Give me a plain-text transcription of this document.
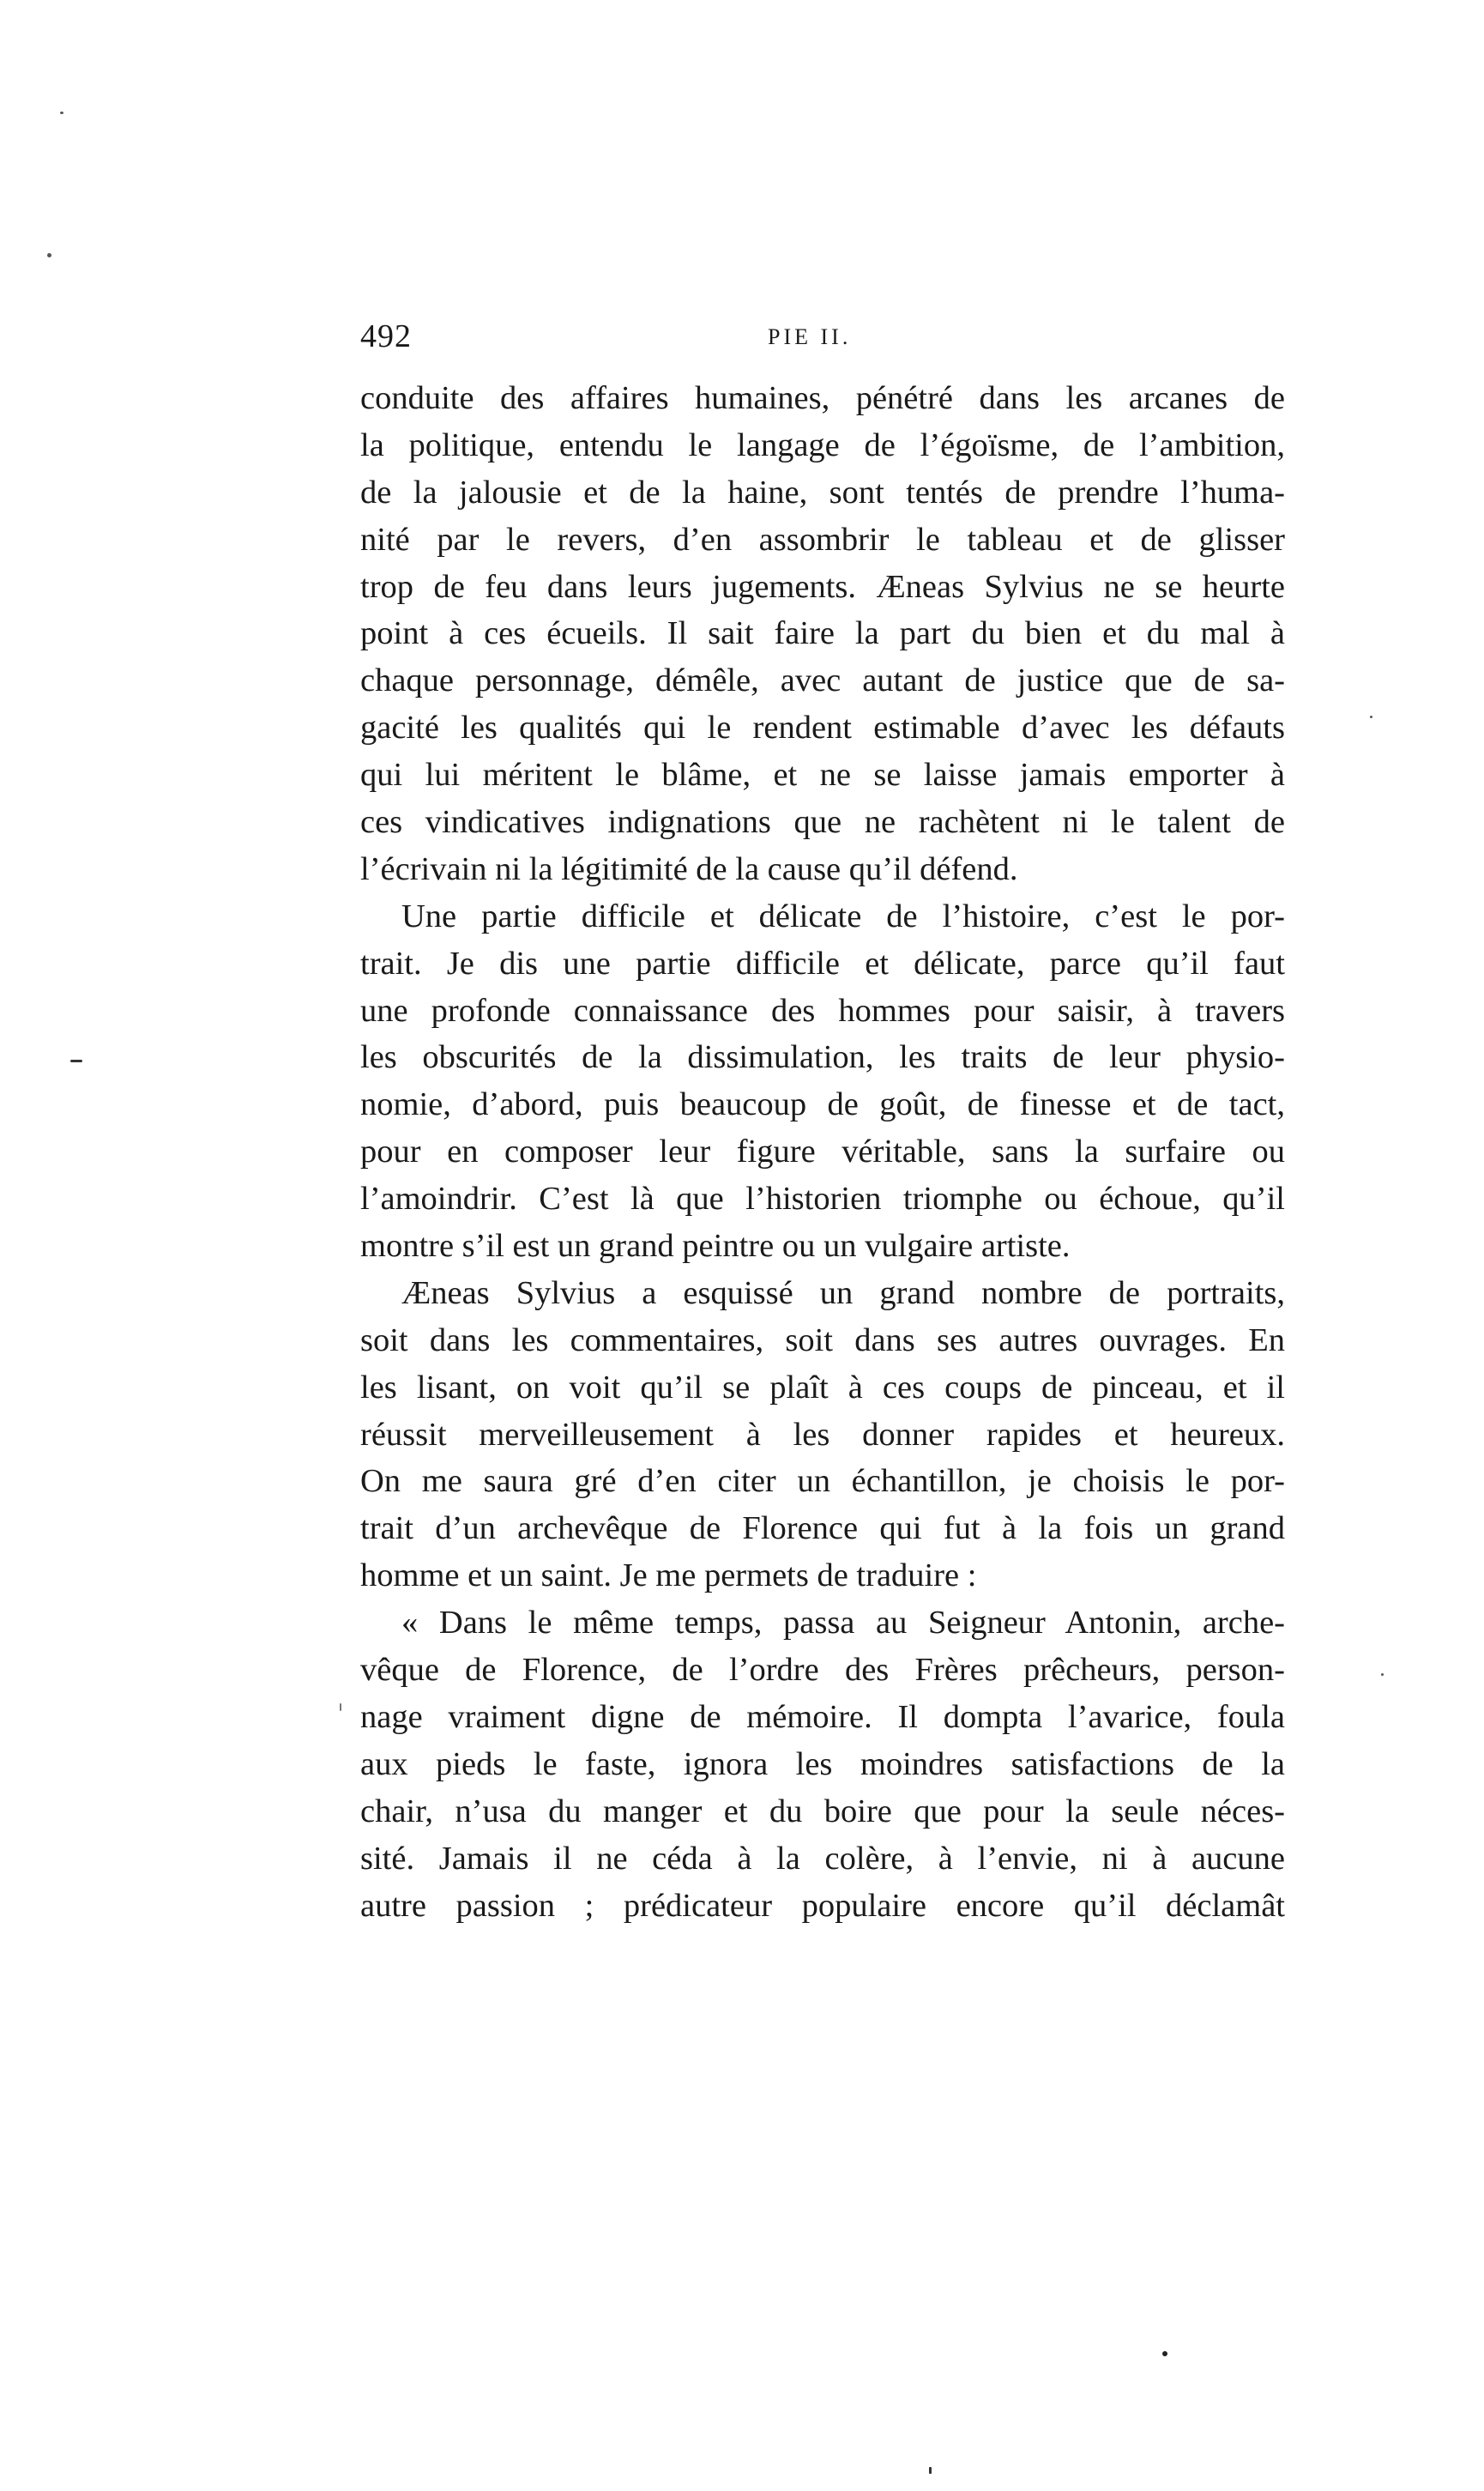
492	PIE II.
conduite des affaires humaines, pénétré dans les arcanes de
la politique, entendu le langage de l’égoïsme, de l’ambition,
de la jalousie et de la haine, sont tentés de prendre l’huma-
nité par le revers, d’en assombrir le tableau et de glisser
trop de feu dans leurs jugements. Æneas Sylvius ne se heurte
point à ces écueils. Il sait faire la part du bien et du mal à
chaque personnage, démêle, avec autant de justice que de sa-
gacité les qualités qui le rendent estimable d’avec les défauts
qui lui méritent le blâme, et ne se laisse jamais emporter à
ces vindicatives indignations que ne rachètent ni le talent de
l’écrivain ni la légitimité de la cause qu’il défend.
Une partie difficile et délicate de l’histoire, c’est le por-
trait. Je dis une partie difficile et délicate, parce qu’il faut
une profonde connaissance des hommes pour saisir, à travers
les obscurités de la dissimulation, les traits de leur physio-
nomie, d’abord, puis beaucoup de goût, de finesse et de tact,
pour en composer leur figure véritable, sans la surfaire ou
l’amoindrir. C’est là que l’historien triomphe ou échoue, qu’il
montre s’il est un grand peintre ou un vulgaire artiste.
Æneas Sylvius a esquissé un grand nombre de portraits,
soit dans les commentaires, soit dans ses autres ouvrages. En
les lisant, on voit qu’il se plaît à ces coups de pinceau, et il
réussit merveilleusement à les donner rapides et heureux.
On me saura gré d’en citer un échantillon, je choisis le por-
trait d’un archevêque de Florence qui fut à la fois un grand
homme et un saint. Je me permets de traduire :
« Dans le même temps, passa au Seigneur Antonin, arche-
vêque de Florence, de l’ordre des Frères prêcheurs, person-
nage vraiment digne de mémoire. Il dompta l’avarice, foula
aux pieds le faste, ignora les moindres satisfactions de la
chair, n’usa du manger et du boire que pour la seule néces-
sité. Jamais il ne céda à la colère, à l’envie, ni à aucune
autre passion ; prédicateur populaire encore qu’il déclamât
